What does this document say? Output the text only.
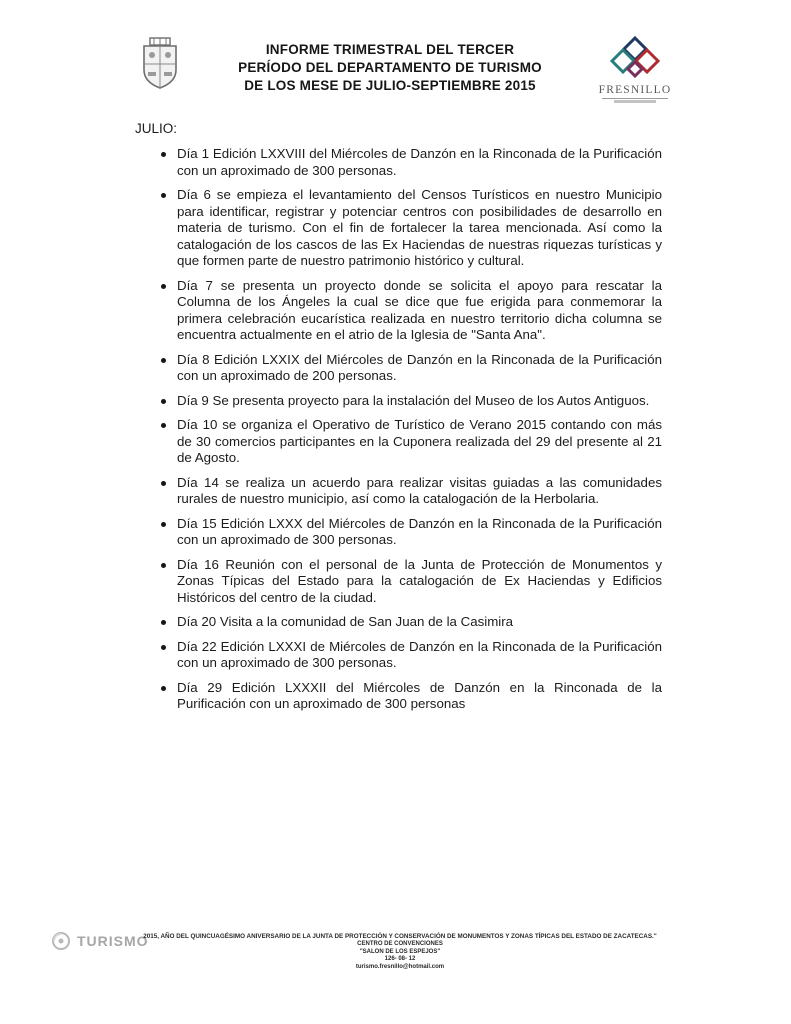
INFORME TRIMESTRAL DEL TERCER
PERÍODO DEL DEPARTAMENTO DE TURISMO
DE LOS MESE DE JULIO-SEPTIEMBRE 2015	FRESNILLO
JULIO:
Día 1 Edición LXXVIII del Miércoles de Danzón en la Rinconada de la Purificación con un aproximado de 300 personas.
Día 6 se empieza el levantamiento del Censos Turísticos en nuestro Municipio para identificar, registrar y potenciar centros con posibilidades de desarrollo en materia de turismo. Con el fin de fortalecer la tarea mencionada. Así como la catalogación de los cascos de las Ex Haciendas de nuestras riquezas turísticas y que formen parte de nuestro patrimonio histórico y cultural.
Día 7 se presenta un proyecto donde se solicita el apoyo para rescatar la Columna de los Ángeles la cual se dice que fue erigida para conmemorar la primera celebración eucarística realizada en nuestro territorio dicha columna se encuentra actualmente en el atrio de la Iglesia de "Santa Ana".
Día 8 Edición LXXIX del Miércoles de Danzón en la Rinconada de la Purificación con un aproximado de 200 personas.
Día 9 Se presenta proyecto para la instalación del Museo de los Autos Antiguos.
Día 10 se organiza el Operativo de Turístico de Verano 2015 contando con más de 30 comercios participantes en la Cuponera realizada del 29 del presente al 21 de Agosto.
Día 14 se realiza un acuerdo para realizar visitas guiadas a las comunidades rurales de nuestro municipio, así como la catalogación de la Herbolaria.
Día 15 Edición LXXX del Miércoles de Danzón en la Rinconada de la Purificación con un aproximado de 300 personas.
Día 16 Reunión con el personal de la Junta de Protección de Monumentos y Zonas Típicas del Estado para la catalogación de Ex Haciendas y Edificios Históricos del centro de la ciudad.
Día 20 Visita a la comunidad de San Juan de la Casimira
Día 22 Edición LXXXI de Miércoles de Danzón en la Rinconada de la Purificación con un aproximado de 300 personas.
Día 29 Edición LXXXII del Miércoles de Danzón en la Rinconada de la Purificación con un aproximado de 300 personas
TURISMO
2015, AÑO DEL QUINCUAGÉSIMO ANIVERSARIO DE LA JUNTA DE PROTECCIÓN Y CONSERVACIÓN DE MONUMENTOS Y ZONAS TÍPICAS DEL ESTADO DE ZACATECAS."
CENTRO DE CONVENCIONES
"SALON DE LOS ESPEJOS"
126- 08- 12
turismo.fresnillo@hotmail.com
